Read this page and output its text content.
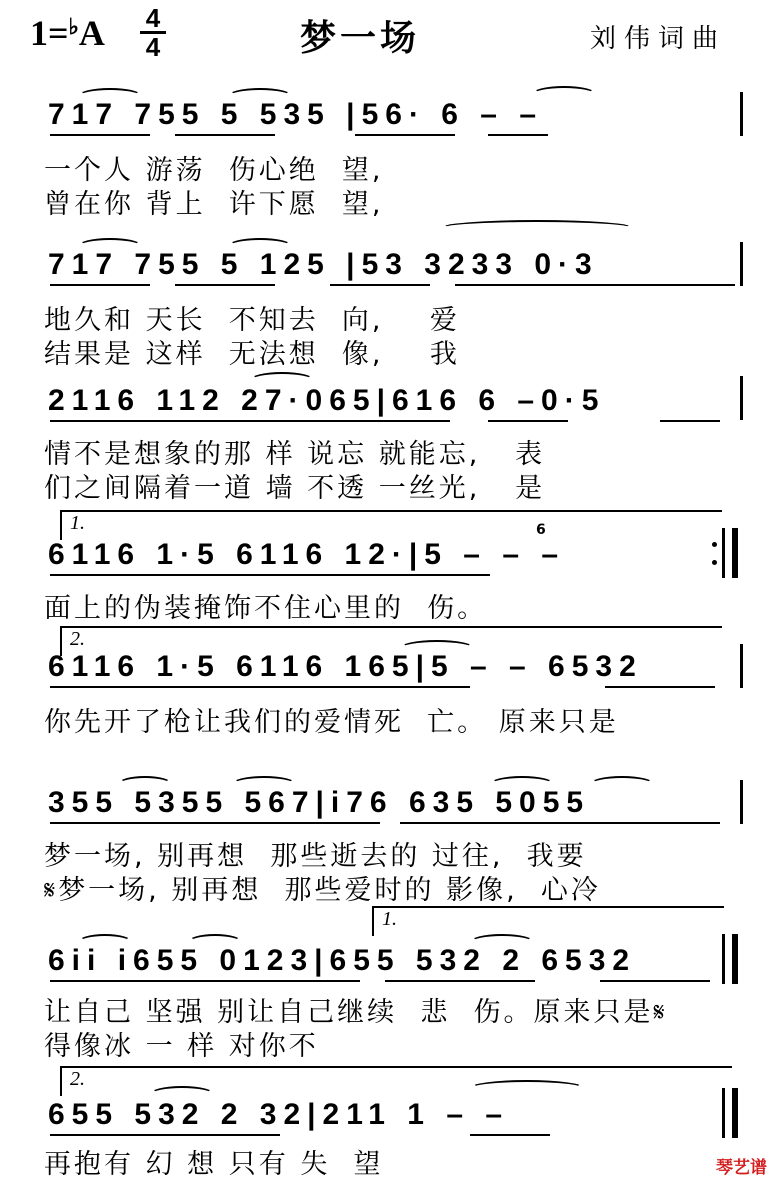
1=♭A 4
4	梦一场	刘伟词曲
717 755 5 535 |56· 6 – –
一个人 游荡  伤心绝  望,
曾在你 背上  许下愿  望,
717 755 5 125 |53 3233 0·3
地久和 天长  不知去  向,    爱
结果是 这样  无法想  像,    我
2116 112 27·065|616 6 –0·5
情不是想象的那 样 说忘 就能忘,   表
们之间隔着一道 墙 不透 一丝光,   是
1.
6116 1·5 6116 12·|5 – – –
6
面上的伪装掩饰不住心里的  伤。
2.
6116 1·5 6116 165|5 – – 6532
你先开了枪让我们的爱情死  亡。 原来只是
355 5355 567|i76 635 5055
梦一场, 别再想  那些逝去的 过往,  我要
𝄋梦一场, 别再想  那些爱时的 影像,  心冷
1.
6ii i655 0123|655 532 2 6532
让自己 坚强 别让自己继续  悲  伤。原来只是𝄋
得像冰 一 样 对你不
2.
655 532 2 32|211 1 – –
再抱有 幻 想 只有 失  望	琴艺谱
